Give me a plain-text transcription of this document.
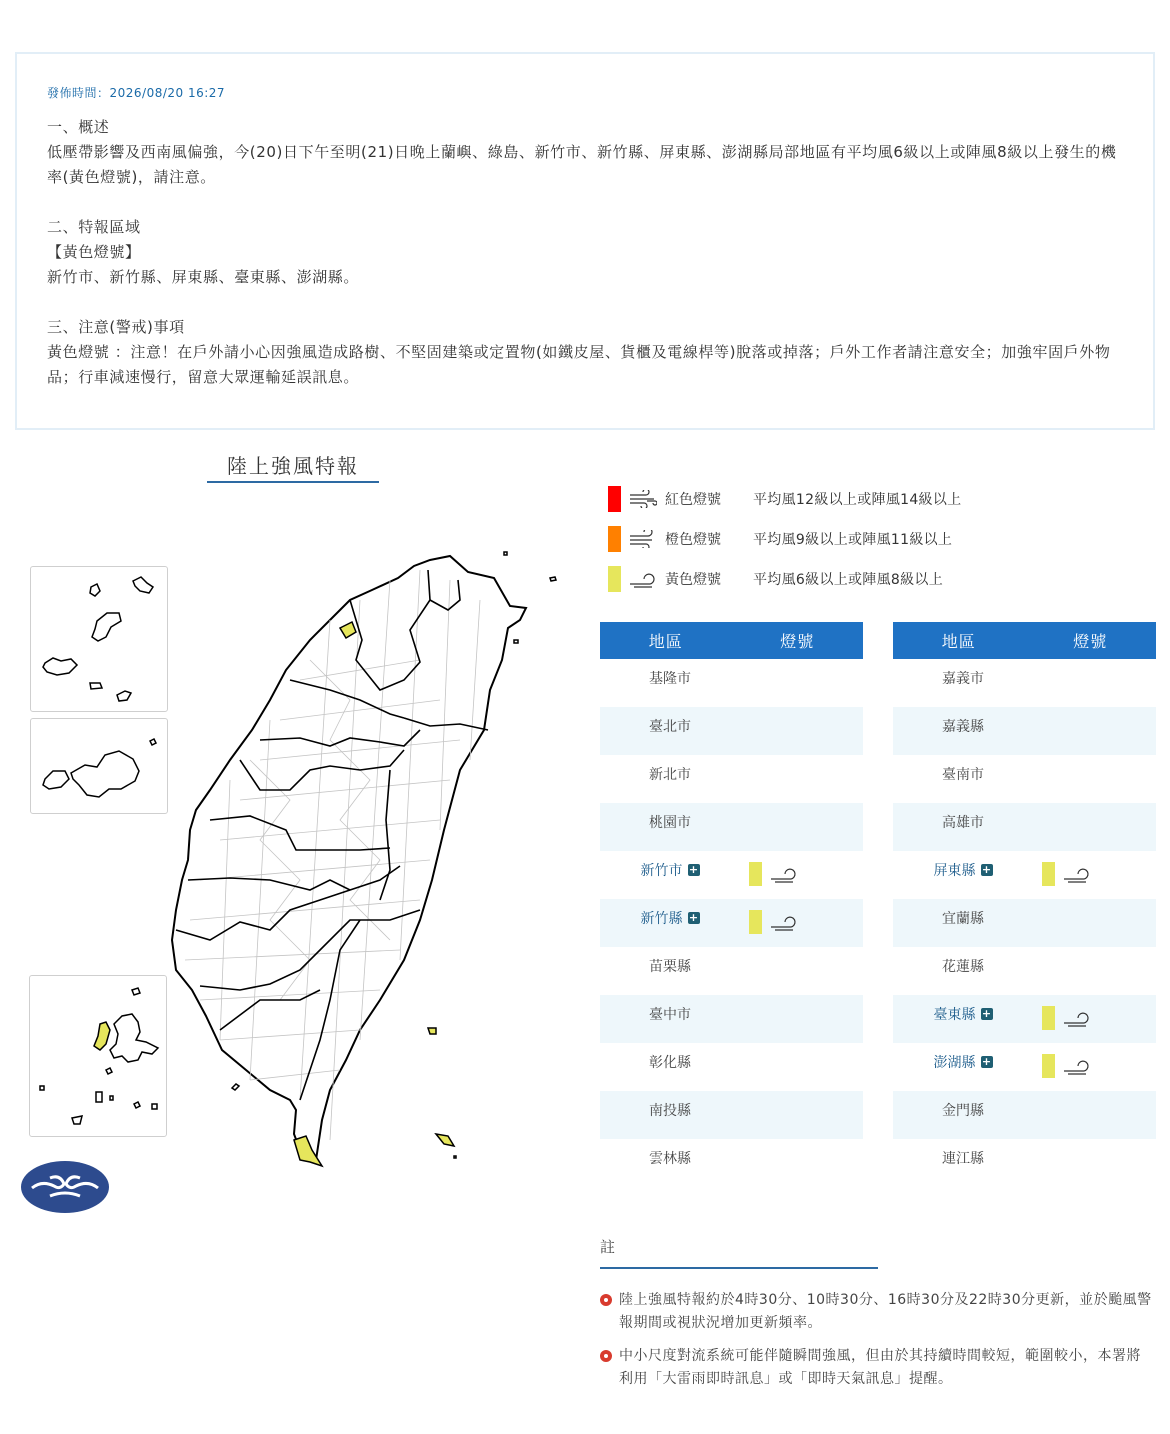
發佈時間：2026/08/20 16:27

一、概述

低壓帶影響及西南風偏強，今(20)日下午至明(21)日晚上蘭嶼、綠島、新竹市、新竹縣、屏東縣、澎湖縣局部地區有平均風6級以上或陣風8級以上發生的機率(黃色燈號)，請注意。

二、特報區域

【黃色燈號】

新竹市、新竹縣、屏東縣、臺東縣、澎湖縣。

三、注意(警戒)事項

黃色燈號 ：注意！在戶外請小心因強風造成路樹、不堅固建築或定置物(如鐵皮屋、貨櫃及電線桿等)脫落或掉落；戶外工作者請注意安全；加強牢固戶外物品；行車減速慢行，留意大眾運輸延誤訊息。

陸上強風特報
紅色燈號	平均風12級以上或陣風14級以上
橙色燈號	平均風9級以上或陣風11級以上
黃色燈號	平均風6級以上或陣風8級以上
地區	燈號
基隆市
臺北市
新北市
桃園市
新竹市 +
新竹縣 +
苗栗縣
臺中市
彰化縣
南投縣
雲林縣
地區	燈號
嘉義市
嘉義縣
臺南市
高雄市
屏東縣 +
宜蘭縣
花蓮縣
臺東縣 +
澎湖縣 +
金門縣
連江縣
註
陸上強風特報約於4時30分、10時30分、16時30分及22時30分更新，並於颱風警報期間或視狀況增加更新頻率。
中小尺度對流系統可能伴隨瞬間強風，但由於其持續時間較短，範圍較小，本署將利用「大雷雨即時訊息」或「即時天氣訊息」提醒。
